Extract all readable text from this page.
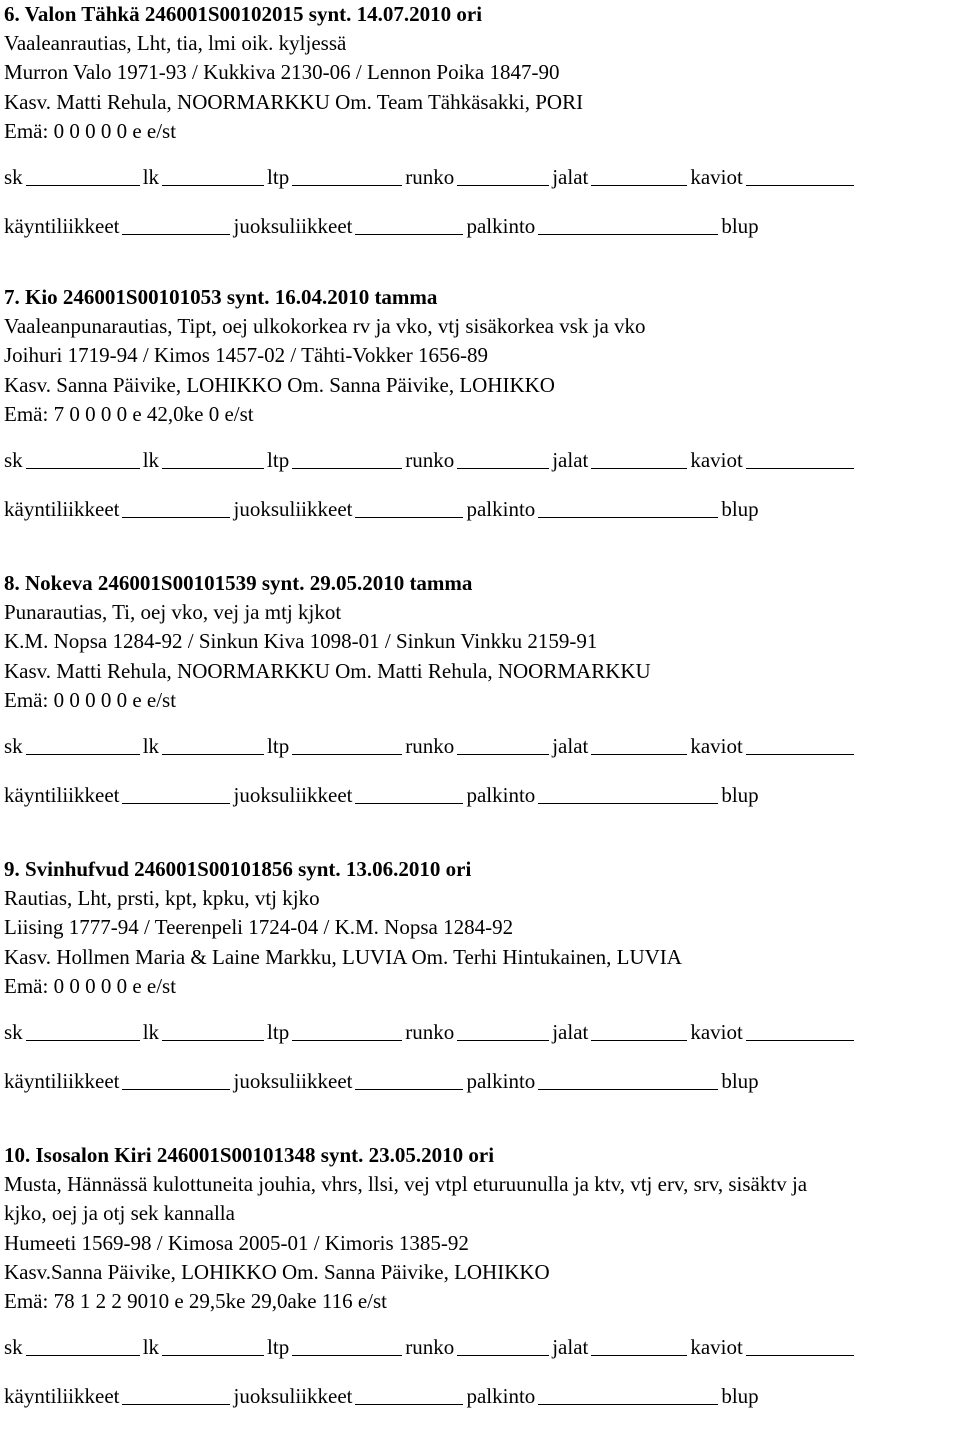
6. Valon Tähkä 246001S00102015 synt. 14.07.2010 ori
Vaaleanrautias, Lht, tia, lmi oik. kyljessä
Murron Valo 1971-93 / Kukkiva 2130-06 / Lennon Poika 1847-90
Kasv. Matti Rehula, NOORMARKKU Om. Team Tähkäsakki, PORI
Emä: 0 0 0 0 0 e e/st
sk	lk	ltp	runko	jalat	kaviot
käyntiliikkeet	juoksuliikkeet	palkinto	blup
7. Kio 246001S00101053 synt. 16.04.2010 tamma
Vaaleanpunarautias, Tipt, oej ulkokorkea rv ja vko, vtj sisäkorkea vsk ja vko
Joihuri 1719-94 / Kimos 1457-02 / Tähti-Vokker 1656-89
Kasv. Sanna Päivike, LOHIKKO Om. Sanna Päivike, LOHIKKO
Emä: 7 0 0 0 0 e 42,0ke 0 e/st
sk	lk	ltp	runko	jalat	kaviot
käyntiliikkeet	juoksuliikkeet	palkinto	blup
8. Nokeva 246001S00101539 synt. 29.05.2010 tamma
Punarautias, Ti, oej vko, vej ja mtj kjkot
K.M. Nopsa 1284-92 / Sinkun Kiva 1098-01 / Sinkun Vinkku 2159-91
Kasv. Matti Rehula, NOORMARKKU Om. Matti Rehula, NOORMARKKU
Emä: 0 0 0 0 0 e e/st
sk	lk	ltp	runko	jalat	kaviot
käyntiliikkeet	juoksuliikkeet	palkinto	blup
9. Svinhufvud 246001S00101856 synt. 13.06.2010 ori
Rautias, Lht, prsti, kpt, kpku, vtj kjko
Liising 1777-94 / Teerenpeli 1724-04 / K.M. Nopsa 1284-92
Kasv. Hollmen Maria & Laine Markku, LUVIA Om. Terhi Hintukainen, LUVIA
Emä: 0 0 0 0 0 e e/st
sk	lk	ltp	runko	jalat	kaviot
käyntiliikkeet	juoksuliikkeet	palkinto	blup
10. Isosalon Kiri 246001S00101348 synt. 23.05.2010 ori
Musta, Hännässä kulottuneita jouhia, vhrs, llsi, vej vtpl eturuunulla ja ktv, vtj erv, srv, sisäktv ja
kjko, oej ja otj sek kannalla
Humeeti 1569-98 / Kimosa 2005-01 / Kimoris 1385-92
Kasv.Sanna Päivike, LOHIKKO Om. Sanna Päivike, LOHIKKO
Emä: 78 1 2 2 9010 e 29,5ke 29,0ake 116 e/st
sk	lk	ltp	runko	jalat	kaviot
käyntiliikkeet	juoksuliikkeet	palkinto	blup
